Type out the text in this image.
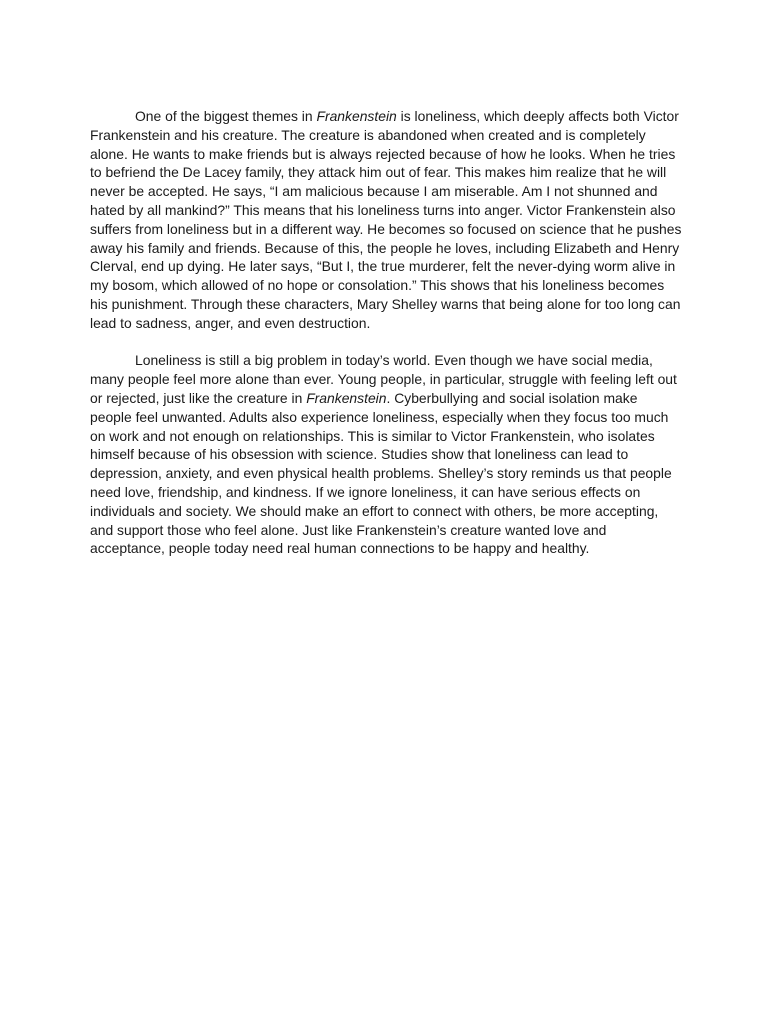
One of the biggest themes in Frankenstein is loneliness, which deeply affects both Victor Frankenstein and his creature. The creature is abandoned when created and is completely alone. He wants to make friends but is always rejected because of how he looks. When he tries to befriend the De Lacey family, they attack him out of fear. This makes him realize that he will never be accepted. He says, “I am malicious because I am miserable. Am I not shunned and hated by all mankind?” This means that his loneliness turns into anger. Victor Frankenstein also suffers from loneliness but in a different way. He becomes so focused on science that he pushes away his family and friends. Because of this, the people he loves, including Elizabeth and Henry Clerval, end up dying. He later says, “But I, the true murderer, felt the never-dying worm alive in my bosom, which allowed of no hope or consolation.” This shows that his loneliness becomes his punishment. Through these characters, Mary Shelley warns that being alone for too long can lead to sadness, anger, and even destruction.

Loneliness is still a big problem in today’s world. Even though we have social media, many people feel more alone than ever. Young people, in particular, struggle with feeling left out or rejected, just like the creature in Frankenstein. Cyberbullying and social isolation make people feel unwanted. Adults also experience loneliness, especially when they focus too much on work and not enough on relationships. This is similar to Victor Frankenstein, who isolates himself because of his obsession with science. Studies show that loneliness can lead to depression, anxiety, and even physical health problems. Shelley’s story reminds us that people need love, friendship, and kindness. If we ignore loneliness, it can have serious effects on individuals and society. We should make an effort to connect with others, be more accepting, and support those who feel alone. Just like Frankenstein’s creature wanted love and acceptance, people today need real human connections to be happy and healthy.
